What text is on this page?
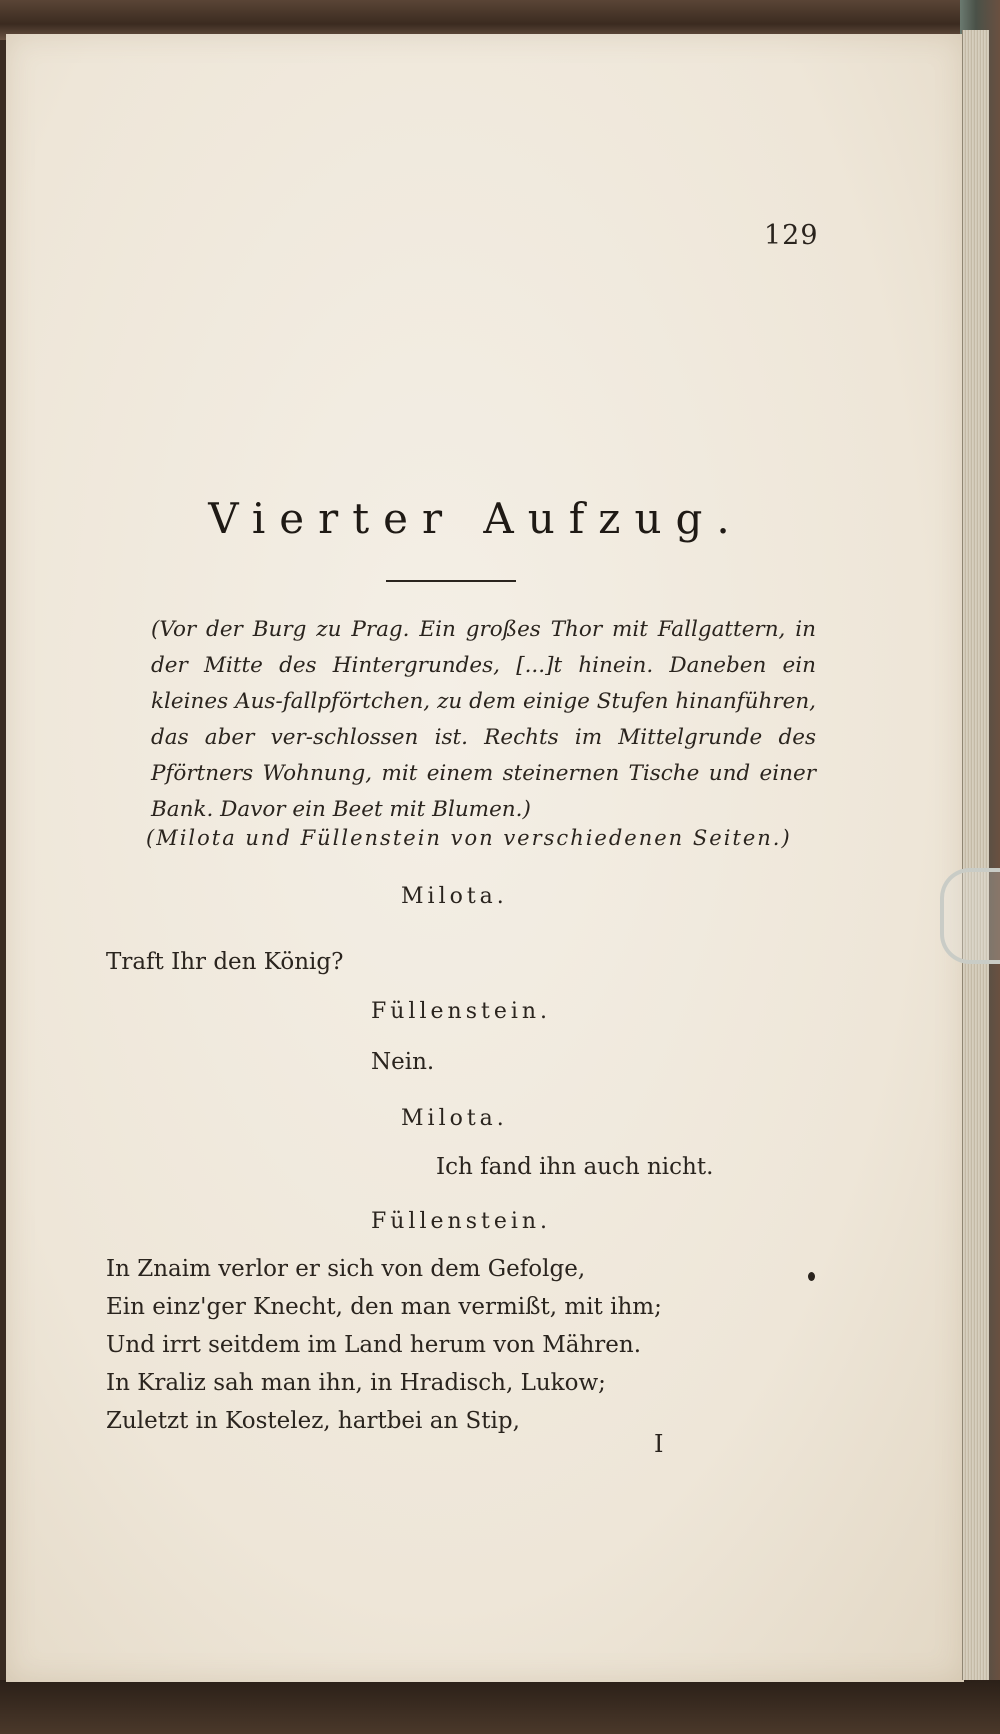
129
Vierter Aufzug.
(Vor der Burg zu Prag. Ein großes Thor mit Fallgattern, in der Mitte des Hintergrundes, [...]t hinein. Daneben ein kleines Aus-fallpförtchen, zu dem einige Stufen hinanführen, das aber ver-schlossen ist. Rechts im Mittelgrunde des Pförtners Wohnung, mit einem steinernen Tische und einer Bank. Davor ein Beet mit Blumen.)
(Milota und Füllenstein von verschiedenen Seiten.)
Milota.
Traft Ihr den König?
Füllenstein.
Nein.
Milota.
Ich fand ihn auch nicht.
Füllenstein.
In Znaim verlor er sich von dem Gefolge,
Ein einz'ger Knecht, den man vermißt, mit ihm;
Und irrt seitdem im Land herum von Mähren.
In Kraliz sah man ihn, in Hradisch, Lukow;
Zuletzt in Kostelez, hartbei an Stip,
I
